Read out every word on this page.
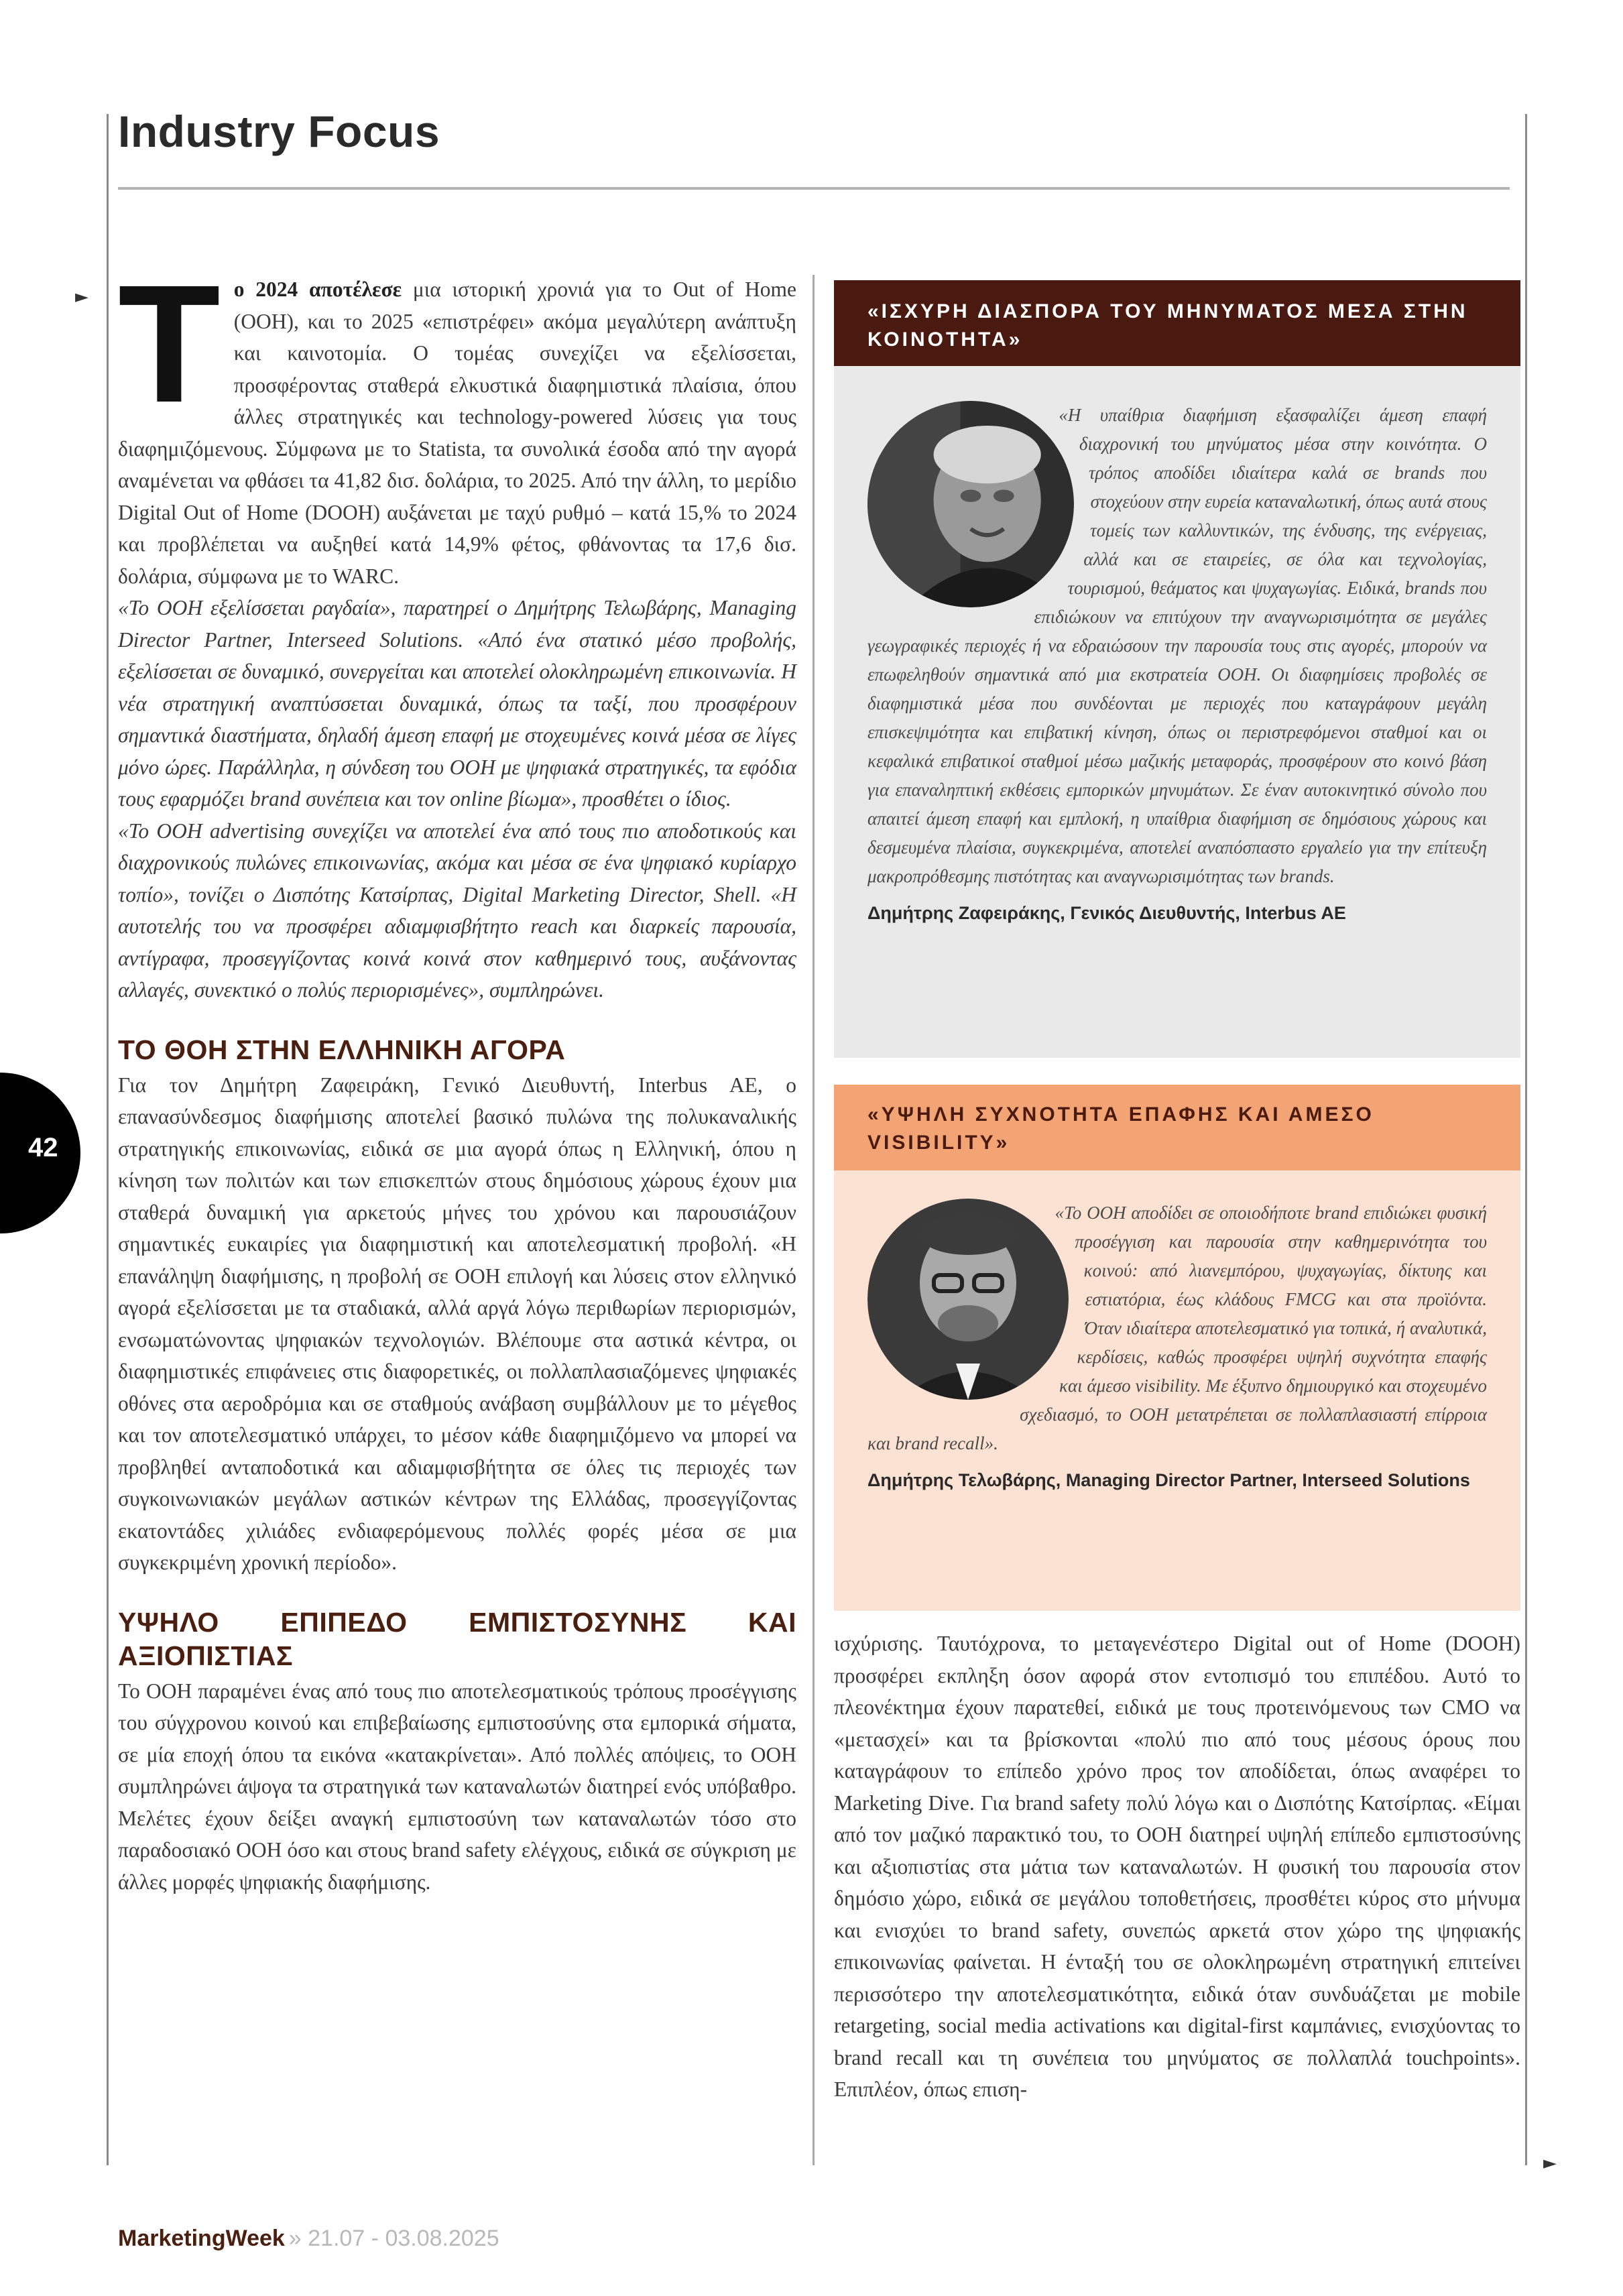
Industry Focus
►
►
T o 2024 αποτέλεσε μια ιστορική χρονιά για το Out of Home (OOH), και το 2025 «επιστρέφει» ακόμα μεγαλύτερη ανάπτυξη και καινοτομία. Ο τομέας συνεχίζει να εξελίσσεται, προσφέροντας σταθερά ελκυστικά διαφημιστικά πλαίσια, όπου άλλες στρατηγικές και technology-powered λύσεις για τους διαφημιζόμενους. Σύμφωνα με το Statista, τα συνολικά έσοδα από την αγορά αναμένεται να φθάσει τα 41,82 δισ. δολάρια, το 2025. Από την άλλη, το μερίδιο Digital Out of Home (DOOH) αυξάνεται με ταχύ ρυθμό – κατά 15,% το 2024 και προβλέπεται να αυξηθεί κατά 14,9% φέτος, φθάνοντας τα 17,6 δισ. δολάρια, σύμφωνα με το WARC.

«Το OOH εξελίσσεται ραγδαία», παρατηρεί ο Δημήτρης Τελωβάρης, Managing Director Partner, Interseed Solutions. «Από ένα στατικό μέσο προβολής, εξελίσσεται σε δυναμικό, συνεργείται και αποτελεί ολοκληρωμένη επικοινωνία. Η νέα στρατηγική αναπτύσσεται δυναμικά, όπως τα ταξί, που προσφέρουν σημαντικά διαστήματα, δηλαδή άμεση επαφή με στοχευμένες κοινά μέσα σε λίγες μόνο ώρες. Παράλληλα, η σύνδεση του OOH με ψηφιακά στρατηγικές, τα εφόδια τους εφαρμόζει brand συνέπεια και τον online βίωμα», προσθέτει ο ίδιος.

«Το OOH advertising συνεχίζει να αποτελεί ένα από τους πιο αποδοτικούς και διαχρονικούς πυλώνες επικοινωνίας, ακόμα και μέσα σε ένα ψηφιακό κυρίαρχο τοπίο», τονίζει ο Δισπότης Κατσίρπας, Digital Marketing Director, Shell. «Η αυτοτελής του να προσφέρει αδιαμφισβήτητο reach και διαρκείς παρουσία, αντίγραφα, προσεγγίζοντας κοινά κοινά στον καθημερινό τους, αυξάνοντας αλλαγές, συνεκτικό ο πολύς περιορισμένες», συμπληρώνει.

ΤΟ ΘΟΗ ΣΤΗΝ ΕΛΛΗΝΙΚΗ ΑΓΟΡΑ

Για τον Δημήτρη Ζαφειράκη, Γενικό Διευθυντή, Interbus AE, ο επανασύνδεσμος διαφήμισης αποτελεί βασικό πυλώνα της πολυκαναλικής στρατηγικής επικοινωνίας, ειδικά σε μια αγορά όπως η Ελληνική, όπου η κίνηση των πολιτών και των επισκεπτών στους δημόσιους χώρους έχουν μια σταθερά δυναμική για αρκετούς μήνες του χρόνου και παρουσιάζουν σημαντικές ευκαιρίες για διαφημιστική και αποτελεσματική προβολή. «Η επανάληψη διαφήμισης, η προβολή σε ΟΟΗ επιλογή και λύσεις στον ελληνικό αγορά εξελίσσεται με τα σταδιακά, αλλά αργά λόγω περιθωρίων περιορισμών, ενσωματώνοντας ψηφιακών τεχνολογιών. Βλέπουμε στα αστικά κέντρα, οι διαφημιστικές επιφάνειες στις διαφορετικές, οι πολλαπλασιαζόμενες ψηφιακές οθόνες στα αεροδρόμια και σε σταθμούς ανάβαση συμβάλλουν με το μέγεθος και τον αποτελεσματικό υπάρχει, το μέσον κάθε διαφημιζόμενο να μπορεί να προβληθεί ανταποδοτικά και αδιαμφισβήτητα σε όλες τις περιοχές των συγκοινωνιακών μεγάλων αστικών κέντρων της Ελλάδας, προσεγγίζοντας εκατοντάδες χιλιάδες ενδιαφερόμενους πολλές φορές μέσα σε μια συγκεκριμένη χρονική περίοδο».

ΥΨΗΛΟ ΕΠΙΠΕΔΟ ΕΜΠΙΣΤΟΣΥΝΗΣ ΚΑΙ ΑΞΙΟΠΙΣΤΙΑΣ

Το ΟΟΗ παραμένει ένας από τους πιο αποτελεσματικούς τρόπους προσέγγισης του σύγχρονου κοινού και επιβεβαίωσης εμπιστοσύνης στα εμπορικά σήματα, σε μία εποχή όπου τα εικόνα «κατακρίνεται». Από πολλές απόψεις, το ΟΟΗ συμπληρώνει άψογα τα στρατηγικά των καταναλωτών διατηρεί ενός υπόβαθρο. Μελέτες έχουν δείξει αναγκή εμπιστοσύνη των καταναλωτών τόσο στο παραδοσιακό ΟΟΗ όσο και στους brand safety ελέγχους, ειδικά σε σύγκριση με άλλες μορφές ψηφιακής διαφήμισης.

«ΙΣΧΥΡΗ ΔΙΑΣΠΟΡΑ ΤΟΥ ΜΗΝΥΜΑΤΟΣ ΜΕΣΑ ΣΤΗΝ ΚΟΙΝΟΤΗΤΑ»
«Η υπαίθρια διαφήμιση εξασφαλίζει άμεση επαφή διαχρονική του μηνύματος μέσα στην κοινότητα. Ο τρόπος αποδίδει ιδιαίτερα καλά σε brands που στοχεύουν στην ευρεία καταναλωτική, όπως αυτά στους τομείς των καλλυντικών, της ένδυσης, της ενέργειας, αλλά και σε εταιρείες, σε όλα και τεχνολογίας, τουρισμού, θεάματος και ψυχαγωγίας. Ειδικά, brands που επιδιώκουν να επιτύχουν την αναγνωρισιμότητα σε μεγάλες γεωγραφικές περιοχές ή να εδραιώσουν την παρουσία τους στις αγορές, μπορούν να επωφεληθούν σημαντικά από μια εκστρατεία OOH. Οι διαφημίσεις προβολές σε διαφημιστικά μέσα που συνδέονται με περιοχές που καταγράφουν μεγάλη επισκεψιμότητα και επιβατική κίνηση, όπως οι περιστρεφόμενοι σταθμοί και οι κεφαλικά επιβατικοί σταθμοί μέσω μαζικής μεταφοράς, προσφέρουν στο κοινό βάση για επαναληπτική εκθέσεις εμπορικών μηνυμάτων. Σε έναν αυτοκινητικό σύνολο που απαιτεί άμεση επαφή και εμπλοκή, η υπαίθρια διαφήμιση σε δημόσιους χώρους και δεσμευμένα πλαίσια, συγκεκριμένα, αποτελεί αναπόσπαστο εργαλείο για την επίτευξη μακροπρόθεσμης πιστότητας και αναγνωρισιμότητας των brands.
Δημήτρης Ζαφειράκης, Γενικός Διευθυντής, Interbus AE
«ΥΨΗΛΗ ΣΥΧΝΟΤΗΤΑ ΕΠΑΦΗΣ ΚΑΙ ΑΜΕΣΟ VISIBILITY»
«Το OOH αποδίδει σε οποιοδήποτε brand επιδιώκει φυσική προσέγγιση και παρουσία στην καθημερινότητα του κοινού: από λιανεμπόρου, ψυχαγωγίας, δίκτυης και εστιατόρια, έως κλάδους FMCG και στα προϊόντα. Όταν ιδιαίτερα αποτελεσματικό για τοπικά, ή αναλυτικά, κερδίσεις, καθώς προσφέρει υψηλή συχνότητα επαφής και άμεσο visibility. Με έξυπνο δημιουργικό και στοχευμένο σχεδιασμό, το OOH μετατρέπεται σε πολλαπλασιαστή επίρροια και brand recall».
Δημήτρης Τελωβάρης, Managing Director Partner, Interseed Solutions

ισχύρισης. Ταυτόχρονα, το μεταγενέστερο Digital out of Home (DOOH) προσφέρει εκπληξη όσον αφορά στον εντοπισμό του επιπέδου. Αυτό το πλεονέκτημα έχουν παρατεθεί, ειδικά με τους προτεινόμενους των CMO να «μετασχεί» και τα βρίσκονται «πολύ πιο από τους μέσους όρους που καταγράφουν το επίπεδο χρόνο προς τον αποδίδεται, όπως αναφέρει το Marketing Dive. Για brand safety πολύ λόγω και ο Δισπότης Κατσίρπας. «Είμαι από τον μαζικό παρακτικό του, το ΟΟΗ διατηρεί υψηλή επίπεδο εμπιστοσύνης και αξιοπιστίας στα μάτια των καταναλωτών. Η φυσική του παρουσία στον δημόσιο χώρο, ειδικά σε μεγάλου τοποθετήσεις, προσθέτει κύρος στο μήνυμα και ενισχύει το brand safety, συνεπώς αρκετά στον χώρο της ψηφιακής επικοινωνίας φαίνεται. Η ένταξή του σε ολοκληρωμένη στρατηγική επιτείνει περισσότερο την αποτελεσματικότητα, ειδικά όταν συνδυάζεται με mobile retargeting, social media activations και digital-first καμπάνιες, ενισχύοντας το brand recall και τη συνέπεια του μηνύματος σε πολλαπλά touchpoints». Επιπλέον, όπως επιση-

42
MarketingWeek » 21.07 - 03.08.2025
